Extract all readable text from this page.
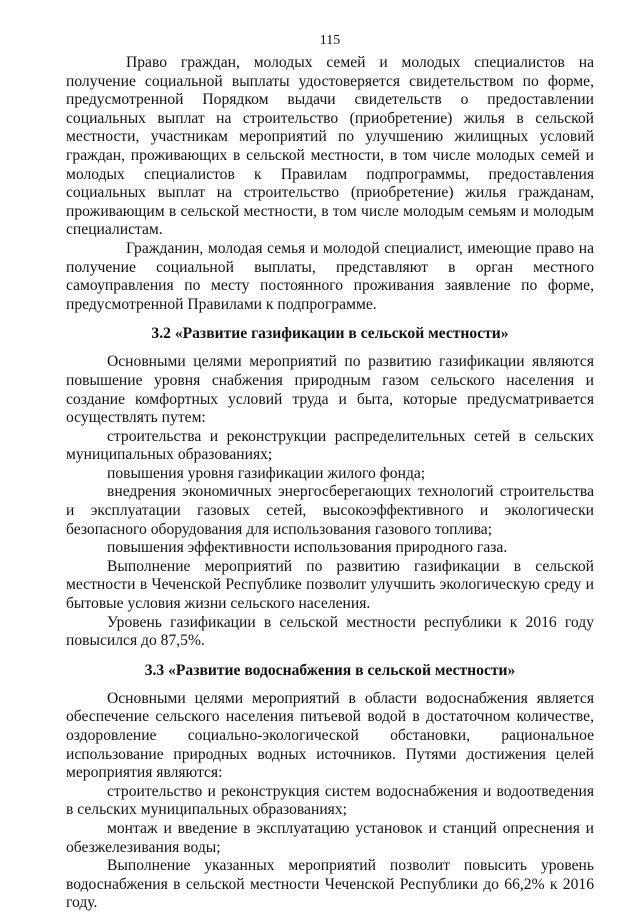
115

Право граждан, молодых семей и молодых специалистов на получение социальной выплаты удостоверяется свидетельством по форме, предусмотренной Порядком выдачи свидетельств о предоставлении социальных выплат на строительство (приобретение) жилья в сельской местности, участникам мероприятий по улучшению жилищных условий граждан, проживающих в сельской местности, в том числе молодых семей и молодых специалистов к Правилам подпрограммы, предоставления социальных выплат на строительство (приобретение) жилья гражданам, проживающим в сельской местности, в том числе молодым семьям и молодым специалистам.

Гражданин, молодая семья и молодой специалист, имеющие право на получение социальной выплаты, представляют в орган местного самоуправления по месту постоянного проживания заявление по форме, предусмотренной Правилами к подпрограмме.

3.2 «Развитие газификации в сельской местности»

Основными целями мероприятий по развитию газификации являются повышение уровня снабжения природным газом сельского населения и создание комфортных условий труда и быта, которые предусматривается осуществлять путем:

строительства и реконструкции распределительных сетей в сельских муниципальных образованиях;

повышения уровня газификации жилого фонда;

внедрения экономичных энергосберегающих технологий строительства и эксплуатации газовых сетей, высокоэффективного и экологически безопасного оборудования для использования газового топлива;

повышения эффективности использования природного газа.

Выполнение мероприятий по развитию газификации в сельской местности в Чеченской Республике позволит улучшить экологическую среду и бытовые условия жизни сельского населения.

Уровень газификации в сельской местности республики к 2016 году повысился до 87,5%.

3.3 «Развитие водоснабжения в сельской местности»

Основными целями мероприятий в области водоснабжения является обеспечение сельского населения питьевой водой в достаточном количестве, оздоровление социально-экологической обстановки, рациональное использование природных водных источников. Путями достижения целей мероприятия являются:

строительство и реконструкция систем водоснабжения и водоотведения в сельских муниципальных образованиях;

монтаж и введение в эксплуатацию установок и станций опреснения и обезжелезивания воды;

Выполнение указанных мероприятий позволит повысить уровень водоснабжения в сельской местности Чеченской Республики до 66,2% к 2016 году.
